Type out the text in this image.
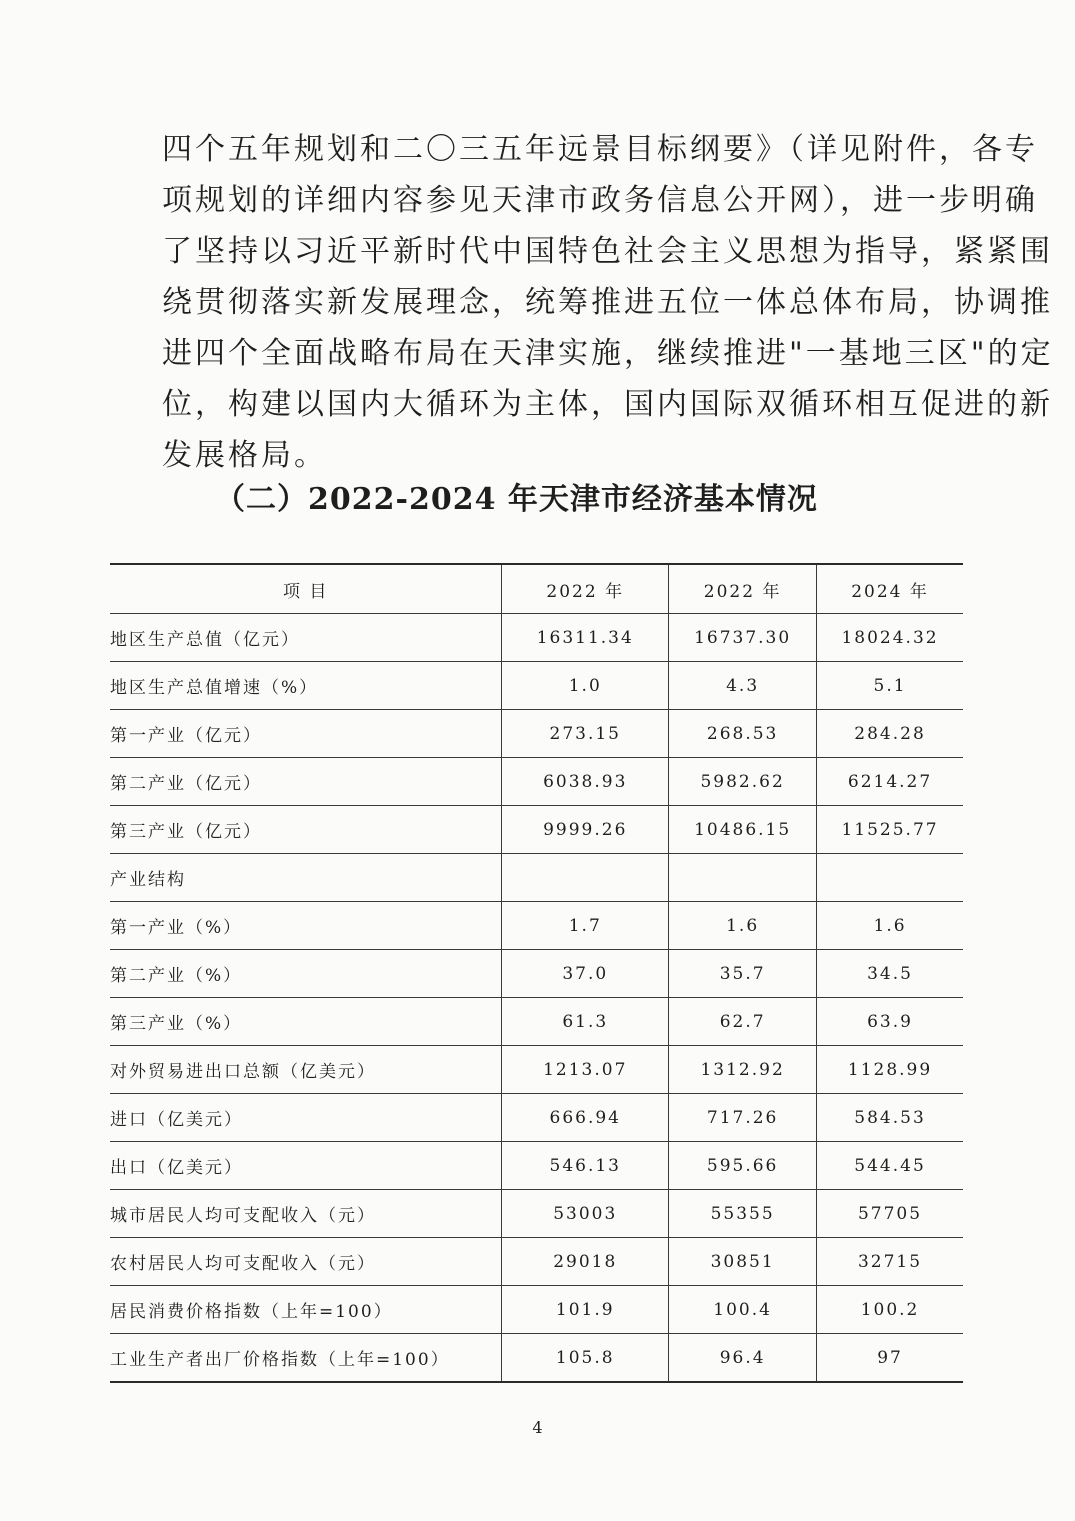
四个五年规划和二〇三五年远景目标纲要》（详见附件，各专
项规划的详细内容参见天津市政务信息公开网），进一步明确
了坚持以习近平新时代中国特色社会主义思想为指导，紧紧围
绕贯彻落实新发展理念，统筹推进五位一体总体布局，协调推
进四个全面战略布局在天津实施，继续推进"一基地三区"的定
位，构建以国内大循环为主体，国内国际双循环相互促进的新
发展格局。

（二）2022-2024 年天津市经济基本情况
项 目	2022 年	2022 年	2024 年
地区生产总值（亿元）	16311.34	16737.30	18024.32
地区生产总值增速（%）	1.0	4.3	5.1
第一产业（亿元）	273.15	268.53	284.28
第二产业（亿元）	6038.93	5982.62	6214.27
第三产业（亿元）	9999.26	10486.15	11525.77
产业结构			
第一产业（%）	1.7	1.6	1.6
第二产业（%）	37.0	35.7	34.5
第三产业（%）	61.3	62.7	63.9
对外贸易进出口总额（亿美元）	1213.07	1312.92	1128.99
进口（亿美元）	666.94	717.26	584.53
出口（亿美元）	546.13	595.66	544.45
城市居民人均可支配收入（元）	53003	55355	57705
农村居民人均可支配收入（元）	29018	30851	32715
居民消费价格指数（上年=100）	101.9	100.4	100.2
工业生产者出厂价格指数（上年=100）	105.8	96.4	97

4
